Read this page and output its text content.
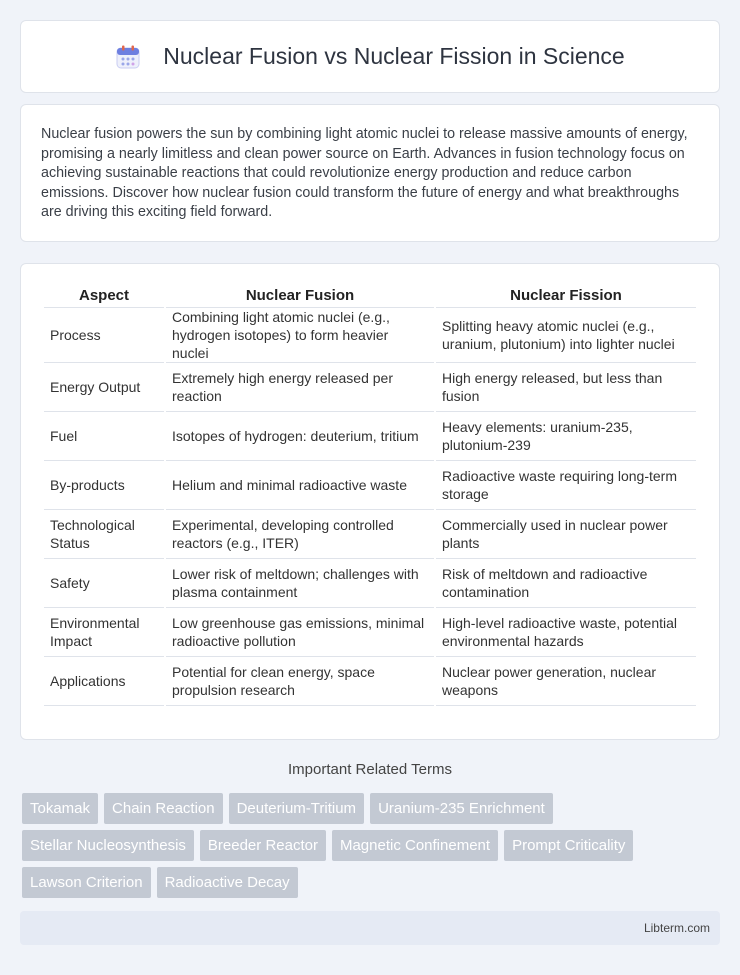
Nuclear Fusion vs Nuclear Fission in Science

Nuclear fusion powers the sun by combining light atomic nuclei to release massive amounts of energy, promising a nearly limitless and clean power source on Earth. Advances in fusion technology focus on achieving sustainable reactions that could revolutionize energy production and reduce carbon emissions. Discover how nuclear fusion could transform the future of energy and what breakthroughs are driving this exciting field forward.

Aspect	Nuclear Fusion	Nuclear Fission
Process	Combining light atomic nuclei (e.g., hydrogen isotopes) to form heavier nuclei	Splitting heavy atomic nuclei (e.g., uranium, plutonium) into lighter nuclei
Energy Output	Extremely high energy released per reaction	High energy released, but less than fusion
Fuel	Isotopes of hydrogen: deuterium, tritium	Heavy elements: uranium-235, plutonium-239
By-products	Helium and minimal radioactive waste	Radioactive waste requiring long-term storage
Technological Status	Experimental, developing controlled reactors (e.g., ITER)	Commercially used in nuclear power plants
Safety	Lower risk of meltdown; challenges with plasma containment	Risk of meltdown and radioactive contamination
Environmental Impact	Low greenhouse gas emissions, minimal radioactive pollution	High-level radioactive waste, potential environmental hazards
Applications	Potential for clean energy, space propulsion research	Nuclear power generation, nuclear weapons
Important Related Terms
Tokamak	Chain Reaction	Deuterium-Tritium	Uranium-235 Enrichment
Stellar Nucleosynthesis	Breeder Reactor	Magnetic Confinement	Prompt Criticality
Lawson Criterion	Radioactive Decay
Libterm.com
